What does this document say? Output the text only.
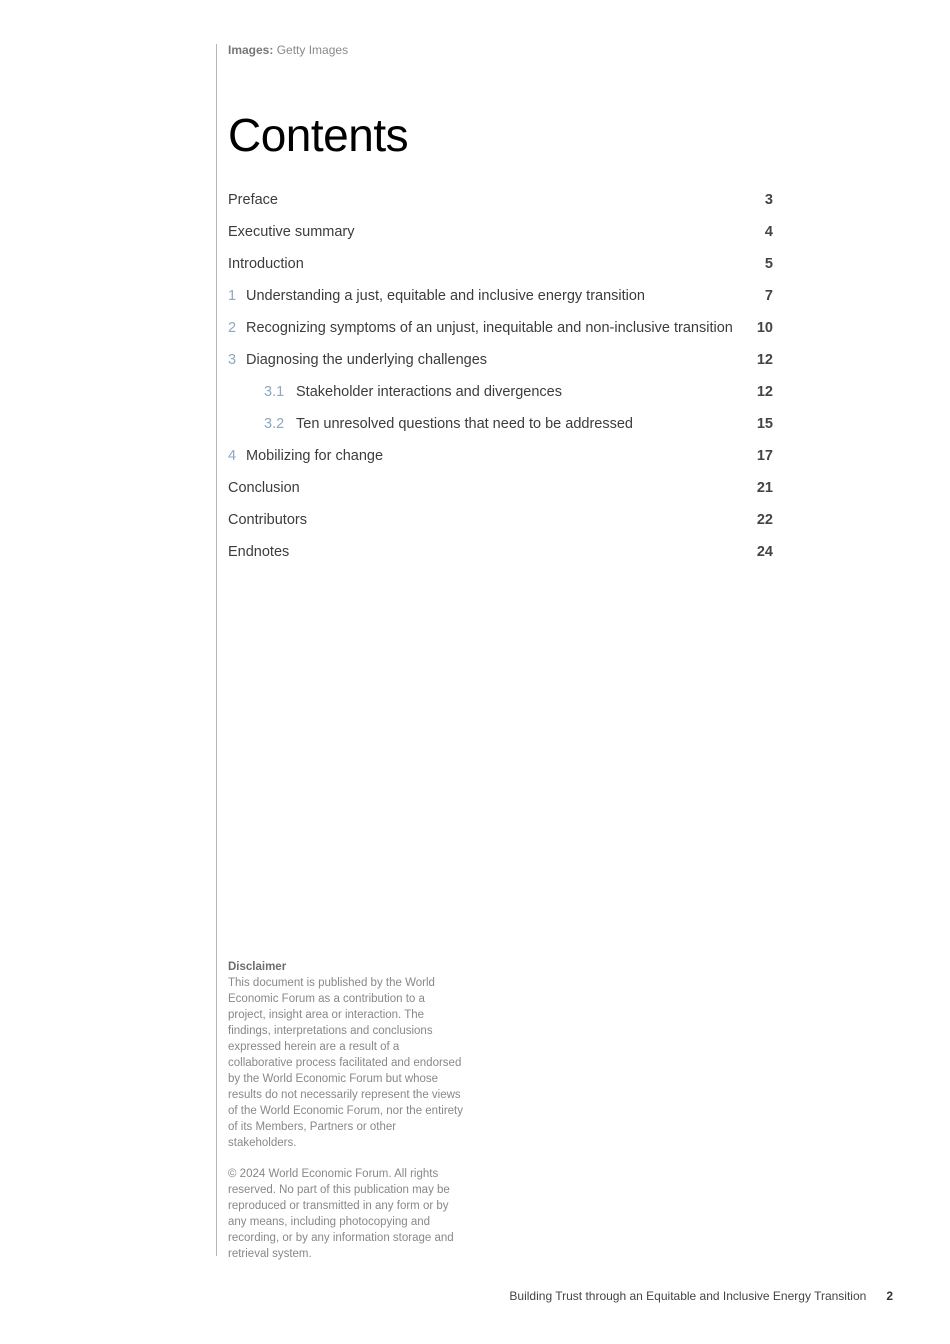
Images: Getty Images
Contents
Preface	3
Executive summary	4
Introduction	5
1 Understanding a just, equitable and inclusive energy transition	7
2 Recognizing symptoms of an unjust, inequitable and non-inclusive transition 10
3 Diagnosing the underlying challenges	12
3.1 Stakeholder interactions and divergences	12
3.2 Ten unresolved questions that need to be addressed	15
4 Mobilizing for change	17
Conclusion	21
Contributors	22
Endnotes	24
Disclaimer

This document is published by the World Economic Forum as a contribution to a project, insight area or interaction. The findings, interpretations and conclusions expressed herein are a result of a collaborative process facilitated and endorsed by the World Economic Forum but whose results do not necessarily represent the views of the World Economic Forum, nor the entirety of its Members, Partners or other stakeholders.

© 2024 World Economic Forum. All rights reserved. No part of this publication may be reproduced or transmitted in any form or by any means, including photocopying and recording, or by any information storage and retrieval system.

Building Trust through an Equitable and Inclusive Energy Transition 2
